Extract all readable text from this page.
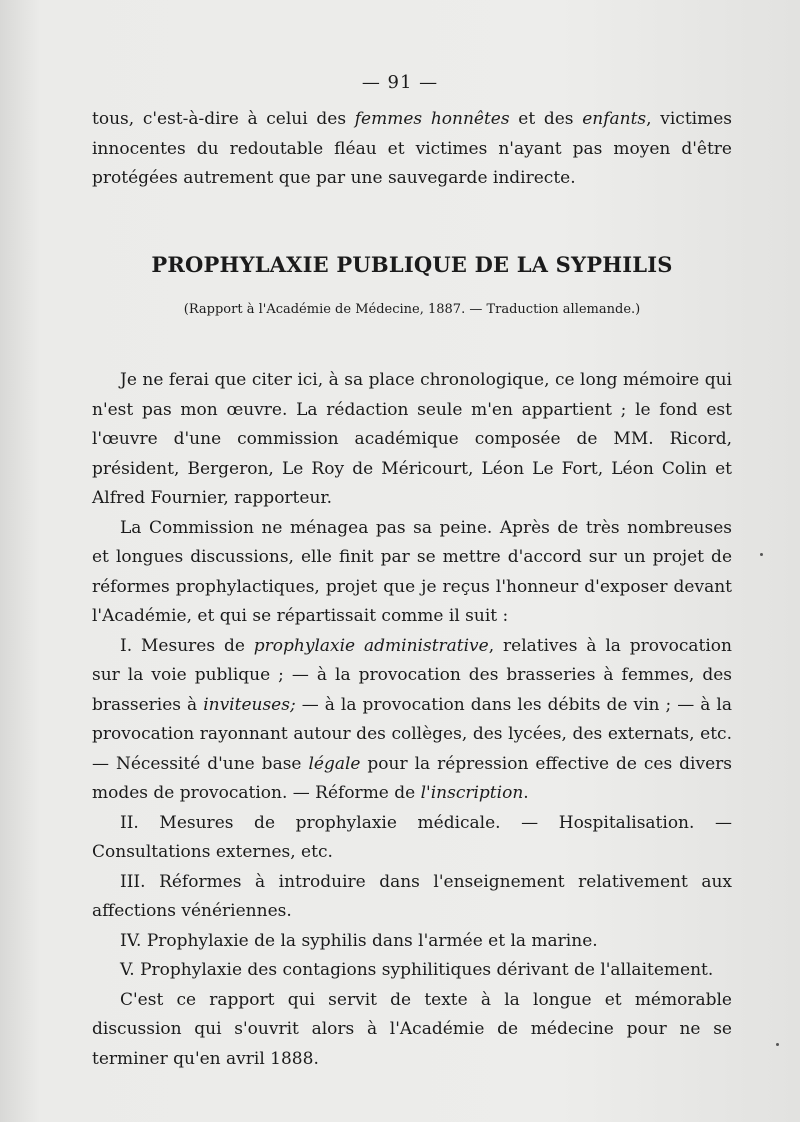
— 91 —

tous, c'est-à-dire à celui des femmes honnêtes et des enfants, victimes innocentes du redoutable fléau et victimes n'ayant pas moyen d'être protégées autrement que par une sauvegarde indirecte.

PROPHYLAXIE PUBLIQUE DE LA SYPHILIS
(Rapport à l'Académie de Médecine, 1887. — Traduction allemande.)

Je ne ferai que citer ici, à sa place chronologique, ce long mémoire qui n'est pas mon œuvre. La rédaction seule m'en appartient ; le fond est l'œuvre d'une commission académique composée de MM. Ricord, président, Bergeron, Le Roy de Méricourt, Léon Le Fort, Léon Colin et Alfred Fournier, rapporteur.

La Commission ne ménagea pas sa peine. Après de très nombreuses et longues discussions, elle finit par se mettre d'accord sur un projet de réformes prophylactiques, projet que je reçus l'honneur d'exposer devant l'Académie, et qui se répartissait comme il suit :

I. Mesures de prophylaxie administrative, relatives à la provocation sur la voie publique ; — à la provocation des brasseries à femmes, des brasseries à inviteuses; — à la provocation dans les débits de vin ; — à la provocation rayonnant autour des collèges, des lycées, des externats, etc. — Nécessité d'une base légale pour la répression effective de ces divers modes de provocation. — Réforme de l'inscription.

II. Mesures de prophylaxie médicale. — Hospitalisation. — Consultations externes, etc.

III. Réformes à introduire dans l'enseignement relativement aux affections vénériennes.

IV. Prophylaxie de la syphilis dans l'armée et la marine.

V. Prophylaxie des contagions syphilitiques dérivant de l'allaitement.

C'est ce rapport qui servit de texte à la longue et mémorable discussion qui s'ouvrit alors à l'Académie de médecine pour ne se terminer qu'en avril 1888.
